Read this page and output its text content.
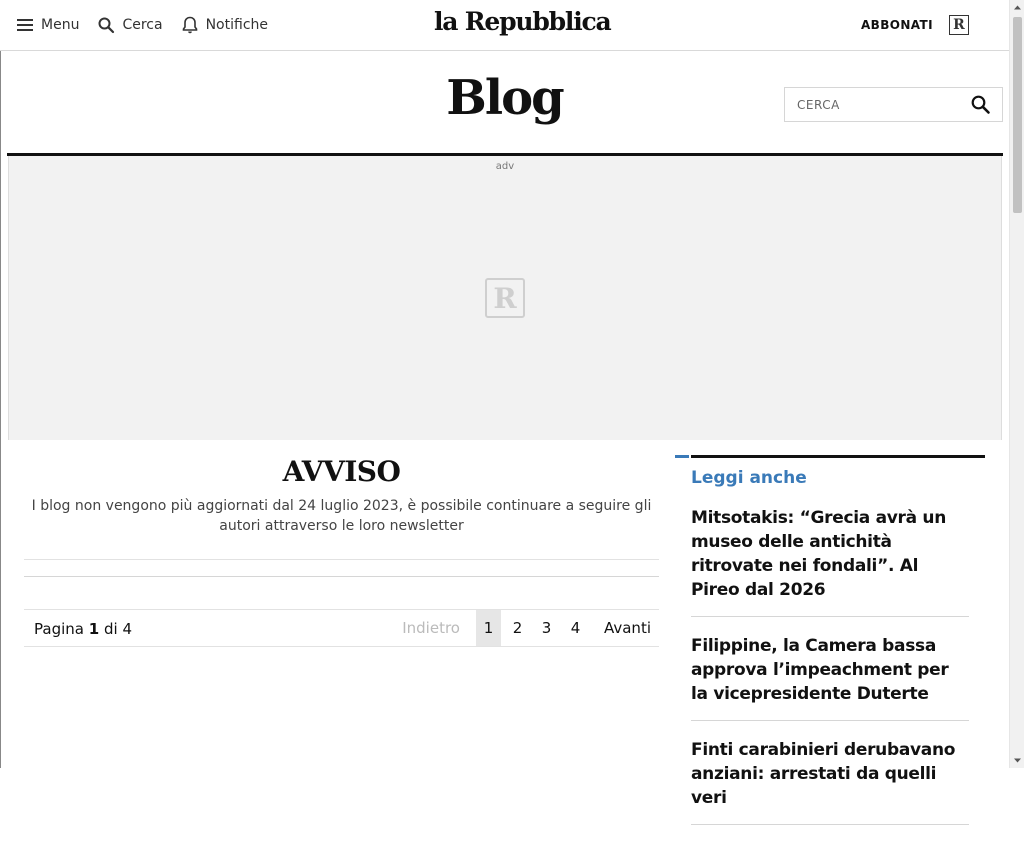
Menu	Cerca	Notifiche	la Repubblica	ABBONATI R
Blog
CERCA
adv
R
AVVISO

I blog non vengono più aggiornati dal 24 luglio 2023, è possibile continuare a seguire gli autori attraverso le loro newsletter

Pagina 1 di 4	Indietro	1	2	3	4	Avanti
Leggi anche
Mitsotakis: “Grecia avrà un museo delle antichità ritrovate nei fondali”. Al Pireo dal 2026
Filippine, la Camera bassa approva l’impeachment per la vicepresidente Duterte
Finti carabinieri derubavano anziani: arrestati da quelli veri
